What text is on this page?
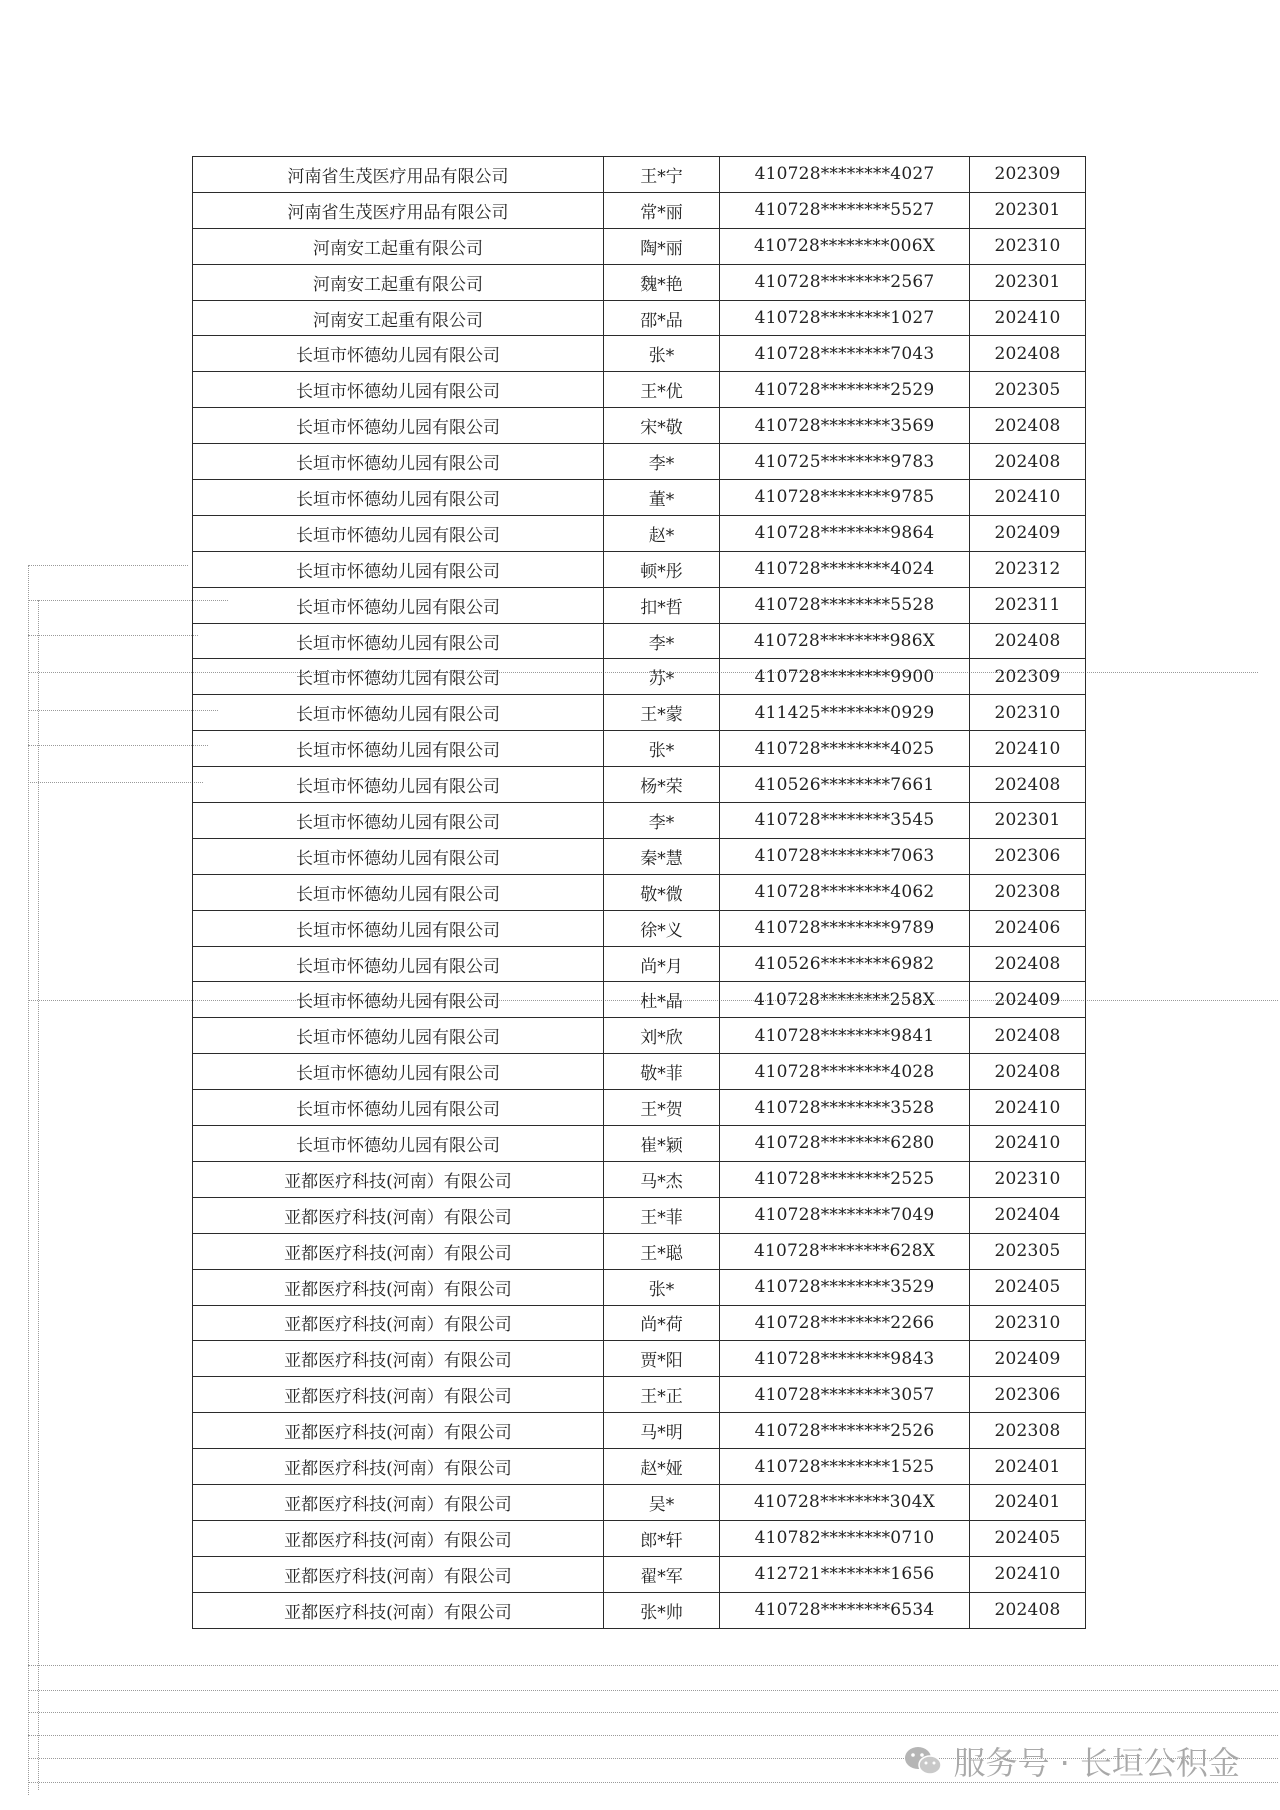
河南省生茂医疗用品有限公司	王*宁	410728********4027	202309
河南省生茂医疗用品有限公司	常*丽	410728********5527	202301
河南安工起重有限公司	陶*丽	410728********006X	202310
河南安工起重有限公司	魏*艳	410728********2567	202301
河南安工起重有限公司	邵*品	410728********1027	202410
长垣市怀德幼儿园有限公司	张*	410728********7043	202408
长垣市怀德幼儿园有限公司	王*优	410728********2529	202305
长垣市怀德幼儿园有限公司	宋*敬	410728********3569	202408
长垣市怀德幼儿园有限公司	李*	410725********9783	202408
长垣市怀德幼儿园有限公司	董*	410728********9785	202410
长垣市怀德幼儿园有限公司	赵*	410728********9864	202409
长垣市怀德幼儿园有限公司	顿*彤	410728********4024	202312
长垣市怀德幼儿园有限公司	扣*哲	410728********5528	202311
长垣市怀德幼儿园有限公司	李*	410728********986X	202408
长垣市怀德幼儿园有限公司	苏*	410728********9900	202309
长垣市怀德幼儿园有限公司	王*蒙	411425********0929	202310
长垣市怀德幼儿园有限公司	张*	410728********4025	202410
长垣市怀德幼儿园有限公司	杨*荣	410526********7661	202408
长垣市怀德幼儿园有限公司	李*	410728********3545	202301
长垣市怀德幼儿园有限公司	秦*慧	410728********7063	202306
长垣市怀德幼儿园有限公司	敬*微	410728********4062	202308
长垣市怀德幼儿园有限公司	徐*义	410728********9789	202406
长垣市怀德幼儿园有限公司	尚*月	410526********6982	202408
长垣市怀德幼儿园有限公司	杜*晶	410728********258X	202409
长垣市怀德幼儿园有限公司	刘*欣	410728********9841	202408
长垣市怀德幼儿园有限公司	敬*菲	410728********4028	202408
长垣市怀德幼儿园有限公司	王*贺	410728********3528	202410
长垣市怀德幼儿园有限公司	崔*颖	410728********6280	202410
亚都医疗科技(河南）有限公司	马*杰	410728********2525	202310
亚都医疗科技(河南）有限公司	王*菲	410728********7049	202404
亚都医疗科技(河南）有限公司	王*聪	410728********628X	202305
亚都医疗科技(河南）有限公司	张*	410728********3529	202405
亚都医疗科技(河南）有限公司	尚*荷	410728********2266	202310
亚都医疗科技(河南）有限公司	贾*阳	410728********9843	202409
亚都医疗科技(河南）有限公司	王*正	410728********3057	202306
亚都医疗科技(河南）有限公司	马*明	410728********2526	202308
亚都医疗科技(河南）有限公司	赵*娅	410728********1525	202401
亚都医疗科技(河南）有限公司	吴*	410728********304X	202401
亚都医疗科技(河南）有限公司	郎*轩	410782********0710	202405
亚都医疗科技(河南）有限公司	翟*军	412721********1656	202410
亚都医疗科技(河南）有限公司	张*帅	410728********6534	202408
服务号 · 长垣公积金
